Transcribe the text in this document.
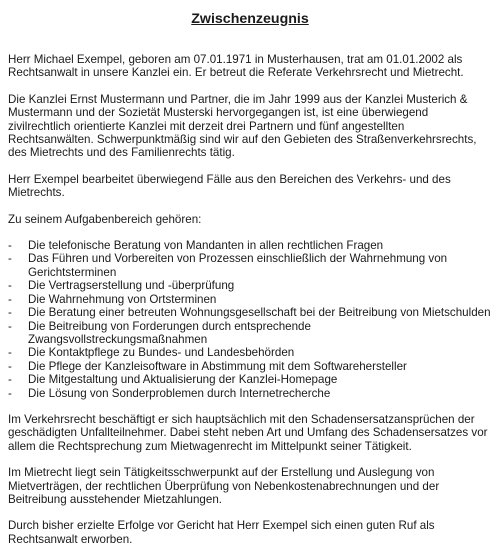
Zwischenzeugnis

Herr Michael Exempel, geboren am 07.01.1971 in Musterhausen, trat am 01.01.2002 als Rechtsanwalt in unsere Kanzlei ein. Er betreut die Referate Verkehrsrecht und Mietrecht.

Die Kanzlei Ernst Mustermann und Partner, die im Jahr 1999 aus der Kanzlei Musterich & Mustermann und der Sozietät Musterski hervorgegangen ist, ist eine überwiegend zivilrechtlich orientierte Kanzlei mit derzeit drei Partnern und fünf angestellten Rechtsanwälten. Schwerpunktmäßig sind wir auf den Gebieten des Straßenverkehrsrechts, des Mietrechts und des Familienrechts tätig.

Herr Exempel bearbeitet überwiegend Fälle aus den Bereichen des Verkehrs- und des Mietrechts.

Zu seinem Aufgabenbereich gehören:

- Die telefonische Beratung von Mandanten in allen rechtlichen Fragen
- Das Führen und Vorbereiten von Prozessen einschließlich der Wahrnehmung von Gerichtsterminen
- Die Vertragserstellung und -überprüfung
- Die Wahrnehmung von Ortsterminen
- Die Beratung einer betreuten Wohnungsgesellschaft bei der Beitreibung von Mietschulden
- Die Beitreibung von Forderungen durch entsprechende Zwangsvollstreckungsmaßnahmen
- Die Kontaktpflege zu Bundes- und Landesbehörden
- Die Pflege der Kanzleisoftware in Abstimmung mit dem Softwarehersteller
- Die Mitgestaltung und Aktualisierung der Kanzlei-Homepage
- Die Lösung von Sonderproblemen durch Internetrecherche

Im Verkehrsrecht beschäftigt er sich hauptsächlich mit den Schadensersatzansprüchen der geschädigten Unfallteilnehmer. Dabei steht neben Art und Umfang des Schadensersatzes vor allem die Rechtsprechung zum Mietwagenrecht im Mittelpunkt seiner Tätigkeit.

Im Mietrecht liegt sein Tätigkeitsschwerpunkt auf der Erstellung und Auslegung von Mietverträgen, der rechtlichen Überprüfung von Nebenkostenabrechnungen und der Beitreibung ausstehender Mietzahlungen.

Durch bisher erzielte Erfolge vor Gericht hat Herr Exempel sich einen guten Ruf als Rechtsanwalt erworben.
